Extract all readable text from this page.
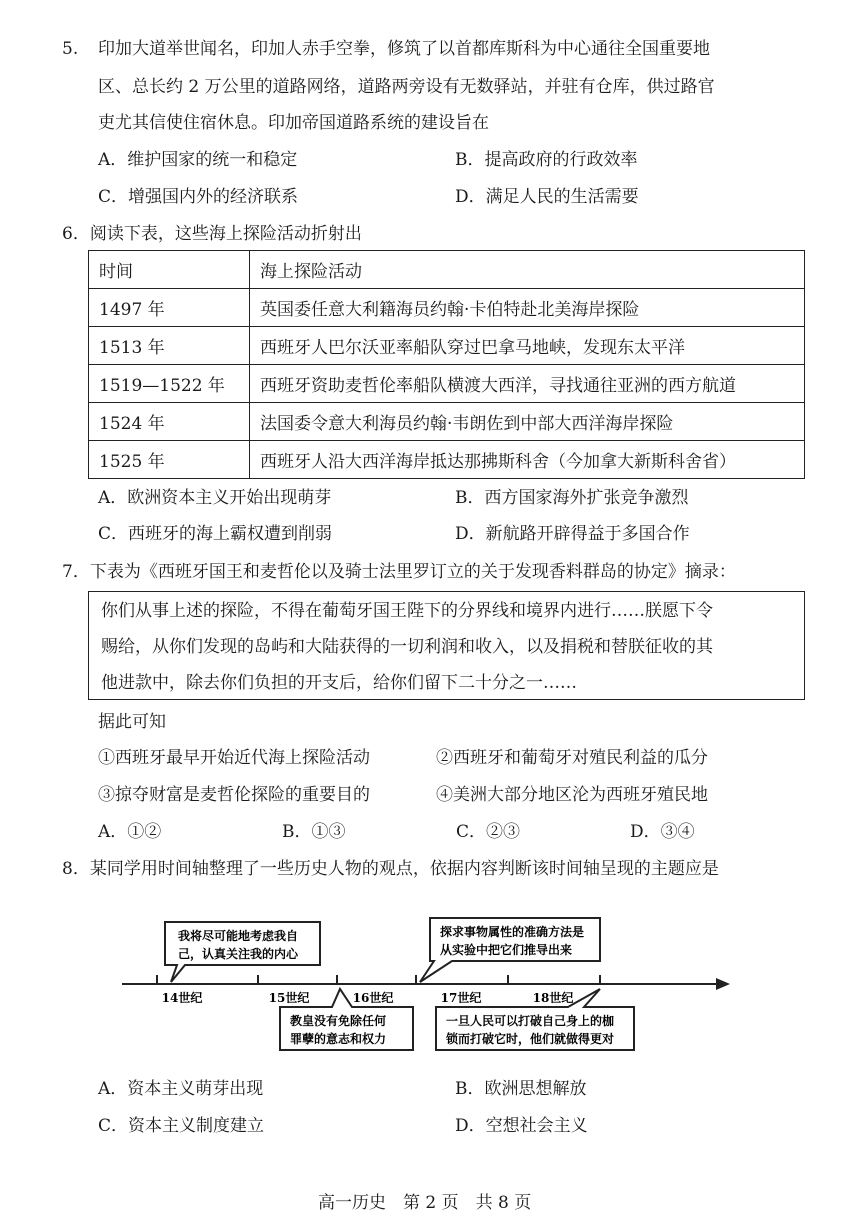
5. 印加大道举世闻名，印加人赤手空拳，修筑了以首都库斯科为中心通往全国重要地
区、总长约 2 万公里的道路网络，道路两旁设有无数驿站，并驻有仓库，供过路官
吏尤其信使住宿休息。印加帝国道路系统的建设旨在
A．维护国家的统一和稳定	B．提高政府的行政效率
C．增强国内外的经济联系	D．满足人民的生活需要
6．阅读下表，这些海上探险活动折射出
时间	海上探险活动
1497 年	英国委任意大利籍海员约翰·卡伯特赴北美海岸探险
1513 年	西班牙人巴尔沃亚率船队穿过巴拿马地峡，发现东太平洋
1519—1522 年	西班牙资助麦哲伦率船队横渡大西洋，寻找通往亚洲的西方航道
1524 年	法国委令意大利海员约翰·韦朗佐到中部大西洋海岸探险
1525 年	西班牙人沿大西洋海岸抵达那拂斯科舍（今加拿大新斯科舍省）
A．欧洲资本主义开始出现萌芽	B．西方国家海外扩张竞争激烈
C．西班牙的海上霸权遭到削弱	D．新航路开辟得益于多国合作
7．下表为《西班牙国王和麦哲伦以及骑士法里罗订立的关于发现香料群岛的协定》摘录：
你们从事上述的探险，不得在葡萄牙国王陛下的分界线和境界内进行……朕愿下令
赐给，从你们发现的岛屿和大陆获得的一切利润和收入，以及捐税和替朕征收的其
他进款中，除去你们负担的开支后，给你们留下二十分之一……
据此可知
①西班牙最早开始近代海上探险活动	②西班牙和葡萄牙对殖民利益的瓜分
③掠夺财富是麦哲伦探险的重要目的	④美洲大部分地区沦为西班牙殖民地
A．①②	B．①③	C．②③	D．③④
8．某同学用时间轴整理了一些历史人物的观点，依据内容判断该时间轴呈现的主题应是
14世纪	15世纪	16世纪	17世纪	18世纪
我将尽可能地考虑我自
己，认真关注我的内心
教皇没有免除任何
罪孽的意志和权力
探求事物属性的准确方法是
从实验中把它们推导出来
一旦人民可以打破自己身上的枷
锁而打破它时，他们就做得更对
A．资本主义萌芽出现	B．欧洲思想解放
C．资本主义制度建立	D．空想社会主义
高一历史　第 2 页　共 8 页
